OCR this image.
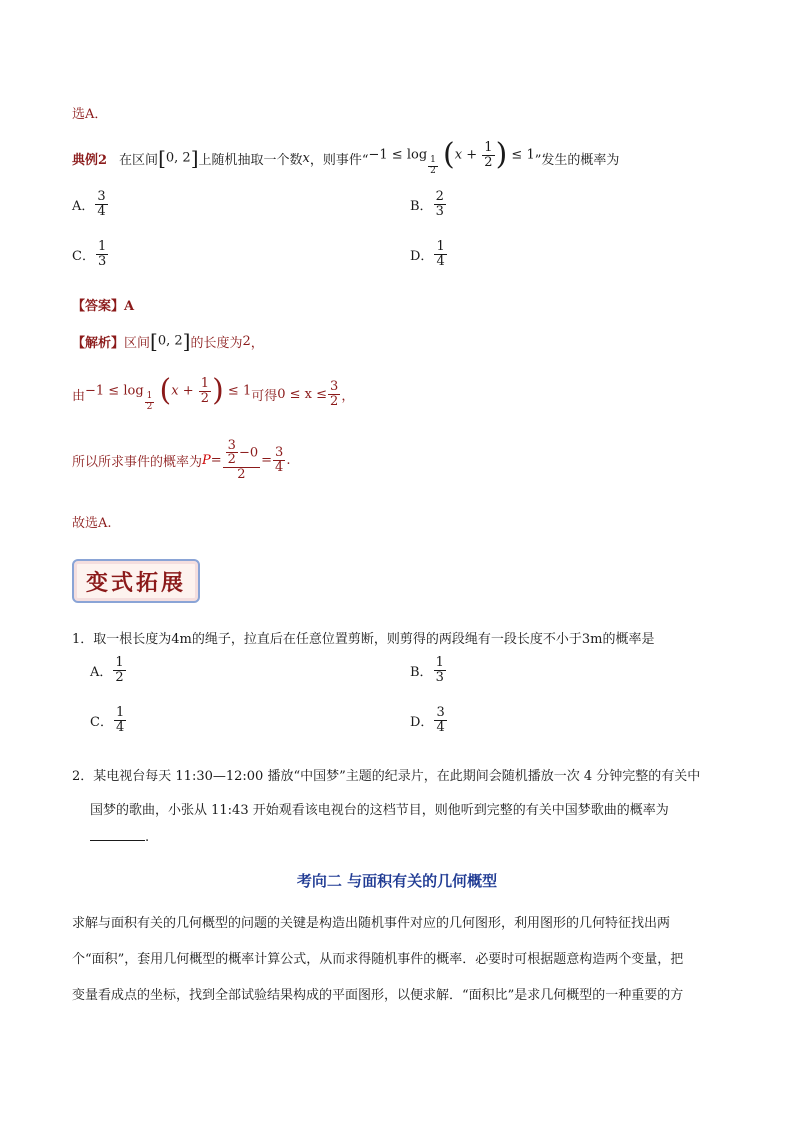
选A．
典例2 在区间 [0, 2] 上随机抽取一个数 x ，则事件“ −1 ≤ log
$\frac{1}{2} (x + \frac{1}{2}$ ) ≤ 1 ”发生的概率为
A． $\frac{3}{4}$	B． $\frac{2}{3}$
C． $\frac{1}{3}$	D． $\frac{1}{4}$
【答案】A
【解析】 区间 [0, 2] 的长度为 2 ，
由 −1 ≤ log
$\frac{1}{2} (x + \frac{1}{2}$ ) ≤ 1 可得 $0 \le x \le \frac{3}{2}$ ，
所以所求事件的概率为 $P = \frac{\frac{3}{2} -0}{2} = \frac{3}{4}$ .
故选A.
变式拓展
1．取一根长度为4m的绳子，拉直后在任意位置剪断，则剪得的两段绳有一段长度不小于3m的概率是
A． $\frac{1}{2}$	B． $\frac{1}{3}$
C． $\frac{1}{4}$	D． $\frac{3}{4}$
2．某电视台每天 11:30—12:00 播放“中国梦”主题的纪录片，在此期间会随机播放一次 4 分钟完整的有关中
国梦的歌曲，小张从 11:43 开始观看该电视台的这档节目，则他听到完整的有关中国梦歌曲的概率为
.
考向二 与面积有关的几何概型
求解与面积有关的几何概型的问题的关键是构造出随机事件对应的几何图形，利用图形的几何特征找出两
个“面积”，套用几何概型的概率计算公式，从而求得随机事件的概率．必要时可根据题意构造两个变量，把
变量看成点的坐标，找到全部试验结果构成的平面图形，以便求解．“面积比”是求几何概型的一种重要的方
